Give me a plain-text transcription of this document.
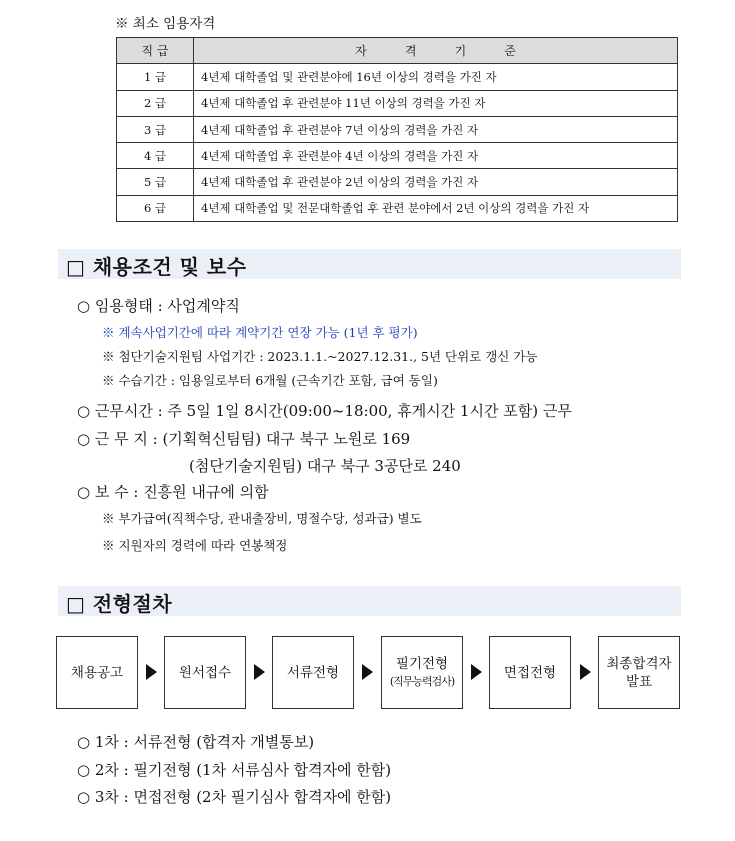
※ 최소 임용자격
직 급	자          격          기          준
1 급	4년제 대학졸업 및 관련분야에 16년 이상의 경력을 가진 자
2 급	4년제 대학졸업 후 관련분야 11년 이상의 경력을 가진 자
3 급	4년제 대학졸업 후 관련분야 7년 이상의 경력을 가진 자
4 급	4년제 대학졸업 후 관련분야 4년 이상의 경력을 가진 자
5 급	4년제 대학졸업 후 관련분야 2년 이상의 경력을 가진 자
6 급	4년제 대학졸업 및 전문대학졸업 후 관련 분야에서 2년 이상의 경력을 가진 자
□ 채용조건 및 보수
○ 임용형태 : 사업계약직
※ 계속사업기간에 따라 계약기간 연장 가능 (1년 후 평가)
※ 첨단기술지원팀 사업기간 : 2023.1.1.~2027.12.31., 5년 단위로 갱신 가능
※ 수습기간 : 임용일로부터 6개월 (근속기간 포함, 급여 동일)
○ 근무시간 : 주 5일 1일 8시간(09:00~18:00, 휴게시간 1시간 포함) 근무
○ 근 무 지 : (기획혁신팀팀) 대구 북구 노원로 169
(첨단기술지원팀) 대구 북구 3공단로 240
○ 보 수 : 진흥원 내규에 의함
※ 부가급여(직책수당, 관내출장비, 명절수당, 성과급) 별도
※ 지원자의 경력에 따라 연봉책정
□ 전형절차
채용공고	원서접수	서류전형
필기전형
(직무능력검사)
면접전형
최종합격자
발표
○ 1차 : 서류전형 (합격자 개별통보)
○ 2차 : 필기전형 (1차 서류심사 합격자에 한함)
○ 3차 : 면접전형 (2차 필기심사 합격자에 한함)
